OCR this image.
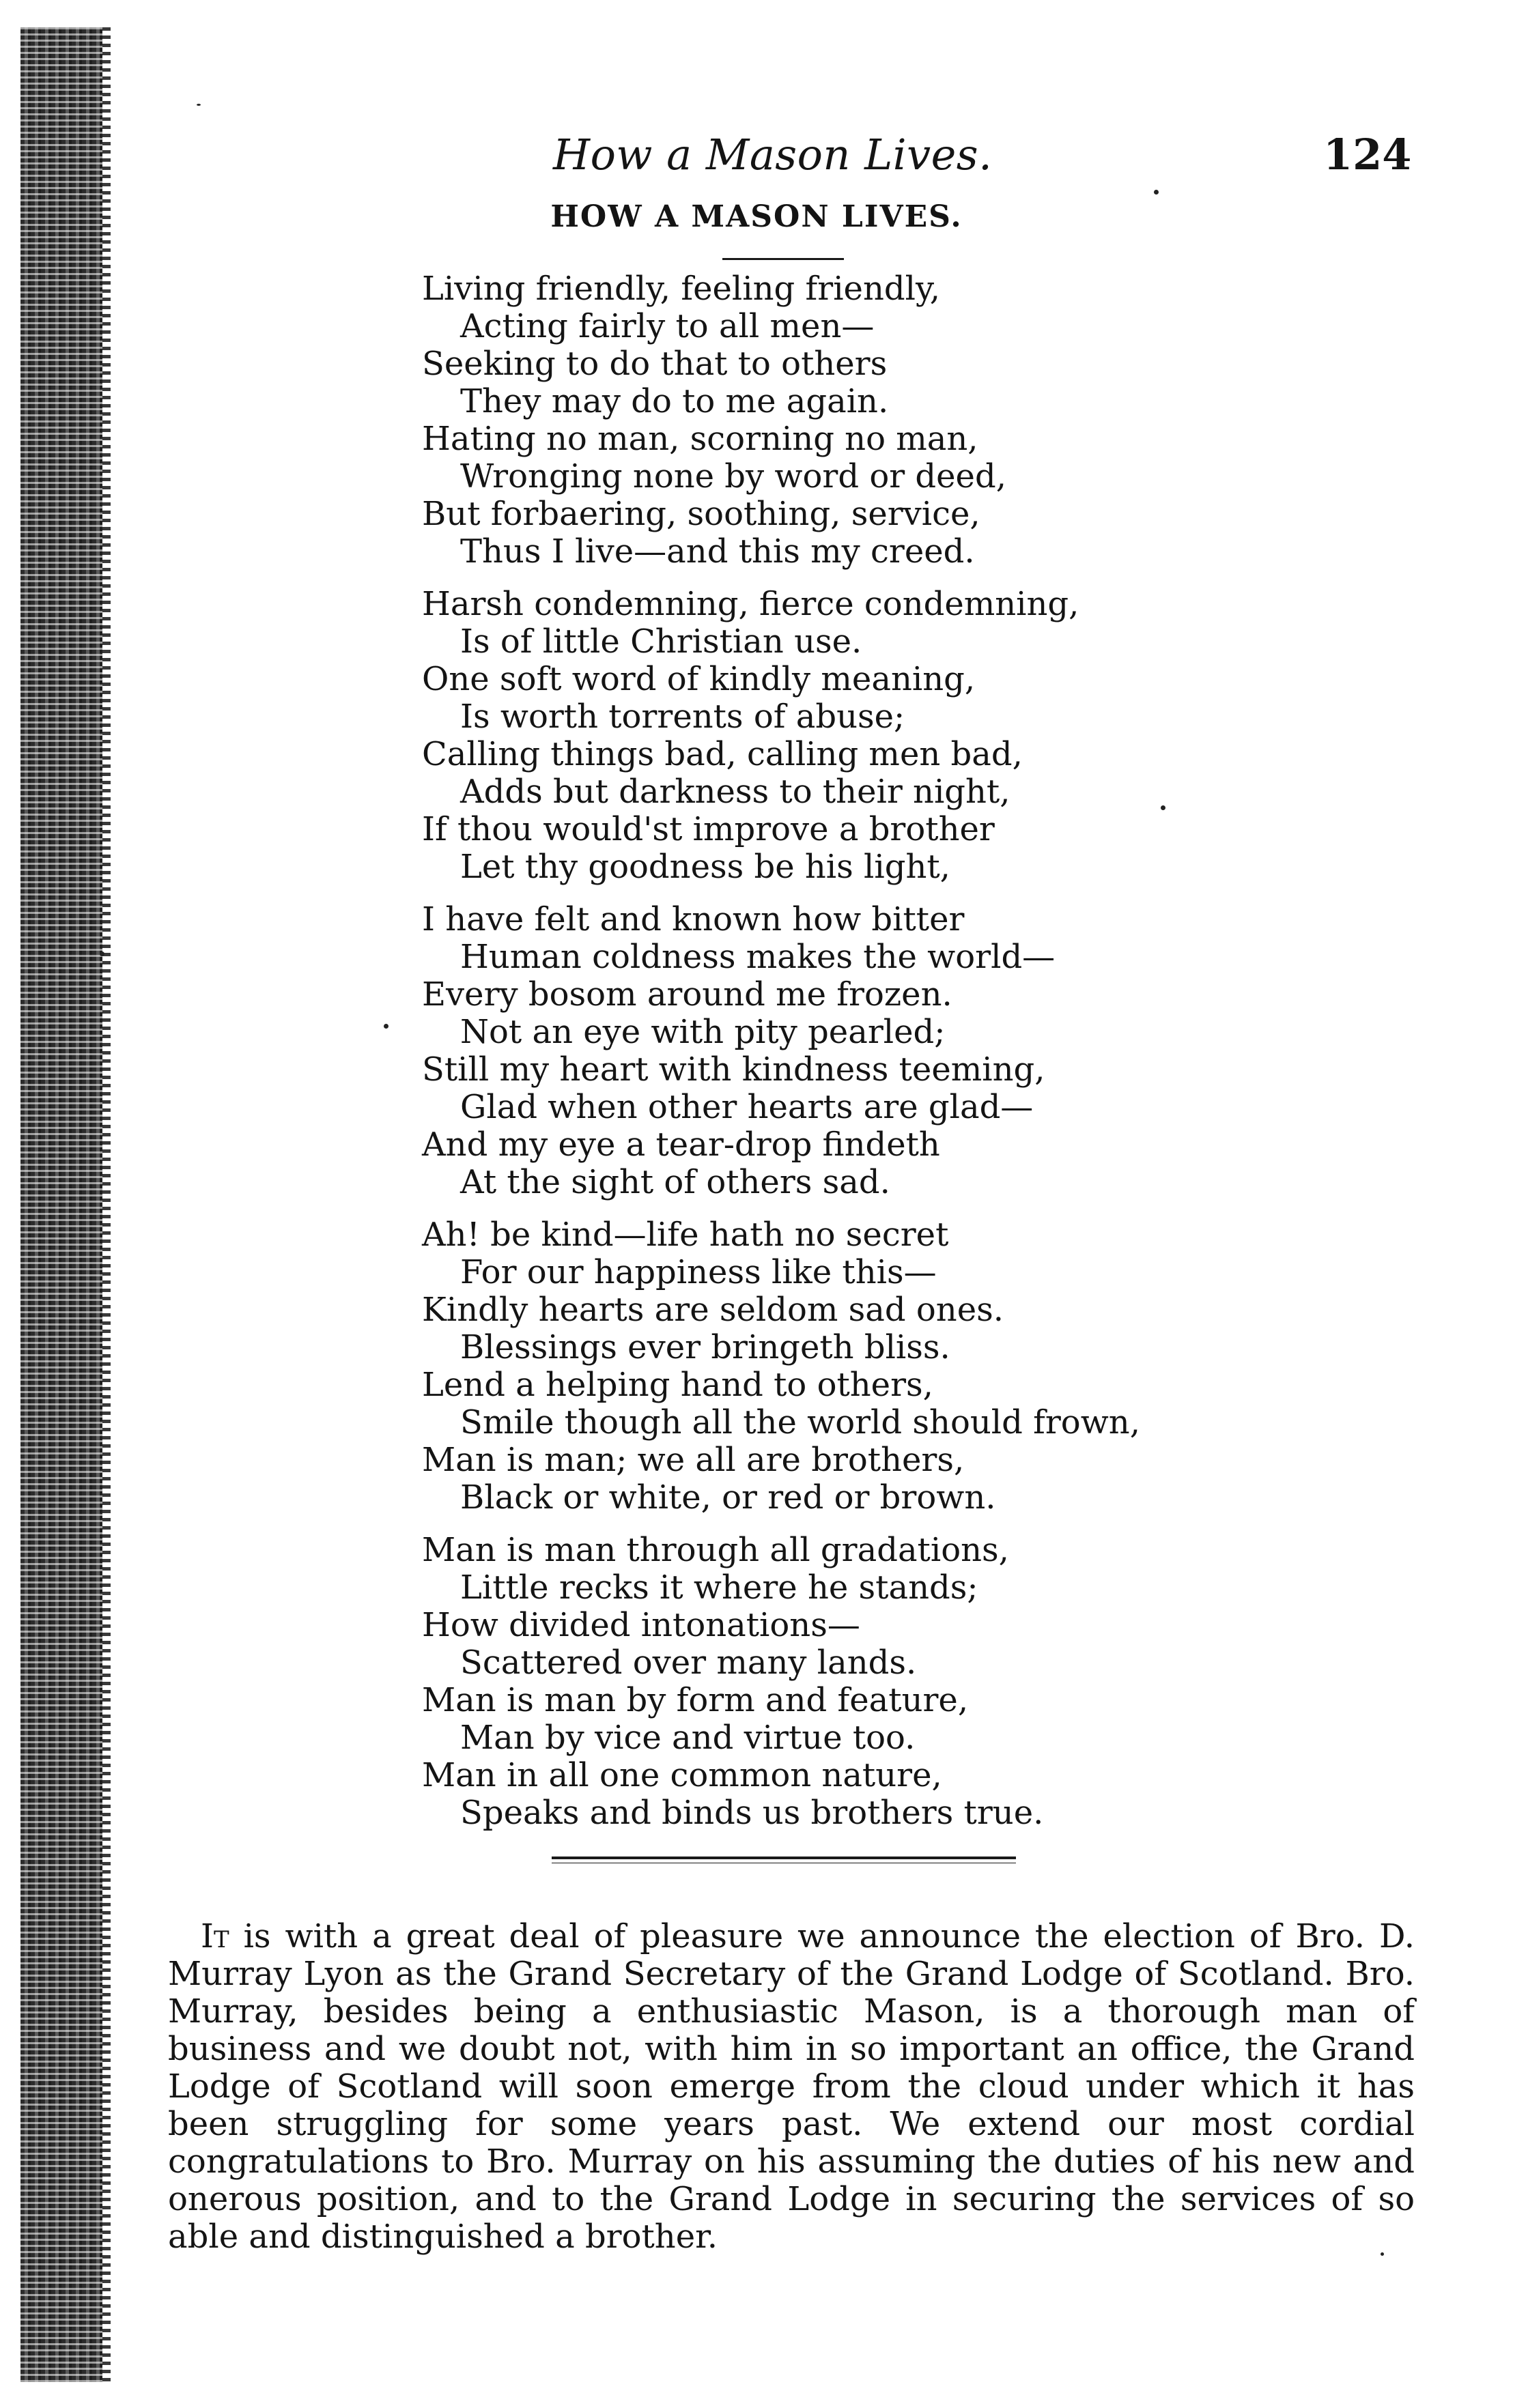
How a Mason Lives.	124
HOW A MASON LIVES.
Living friendly, feeling friendly,
Acting fairly to all men—
Seeking to do that to others
They may do to me again.
Hating no man, scorning no man,
Wronging none by word or deed,
But forbaering, soothing, service,
Thus I live—and this my creed.
Harsh condemning, fierce condemning,
Is of little Christian use.
One soft word of kindly meaning,
Is worth torrents of abuse;
Calling things bad, calling men bad,
Adds but darkness to their night,
If thou would'st improve a brother
Let thy goodness be his light,
I have felt and known how bitter
Human coldness makes the world—
Every bosom around me frozen.
Not an eye with pity pearled;
Still my heart with kindness teeming,
Glad when other hearts are glad—
And my eye a tear-drop findeth
At the sight of others sad.
Ah! be kind—life hath no secret
For our happiness like this—
Kindly hearts are seldom sad ones.
Blessings ever bringeth bliss.
Lend a helping hand to others,
Smile though all the world should frown,
Man is man; we all are brothers,
Black or white, or red or brown.
Man is man through all gradations,
Little recks it where he stands;
How divided intonations—
Scattered over many lands.
Man is man by form and feature,
Man by vice and virtue too.
Man in all one common nature,
Speaks and binds us brothers true.

It is with a great deal of pleasure we announce the election of Bro. D. Murray Lyon as the Grand Secretary of the Grand Lodge of Scotland. Bro. Murray, besides being a enthusiastic Mason, is a thorough man of business and we doubt not, with him in so important an office, the Grand Lodge of Scotland will soon emerge from the cloud under which it has been struggling for some years past. We extend our most cordial congratulations to Bro. Murray on his assuming the duties of his new and onerous position, and to the Grand Lodge in securing the services of so able and distinguished a brother.
